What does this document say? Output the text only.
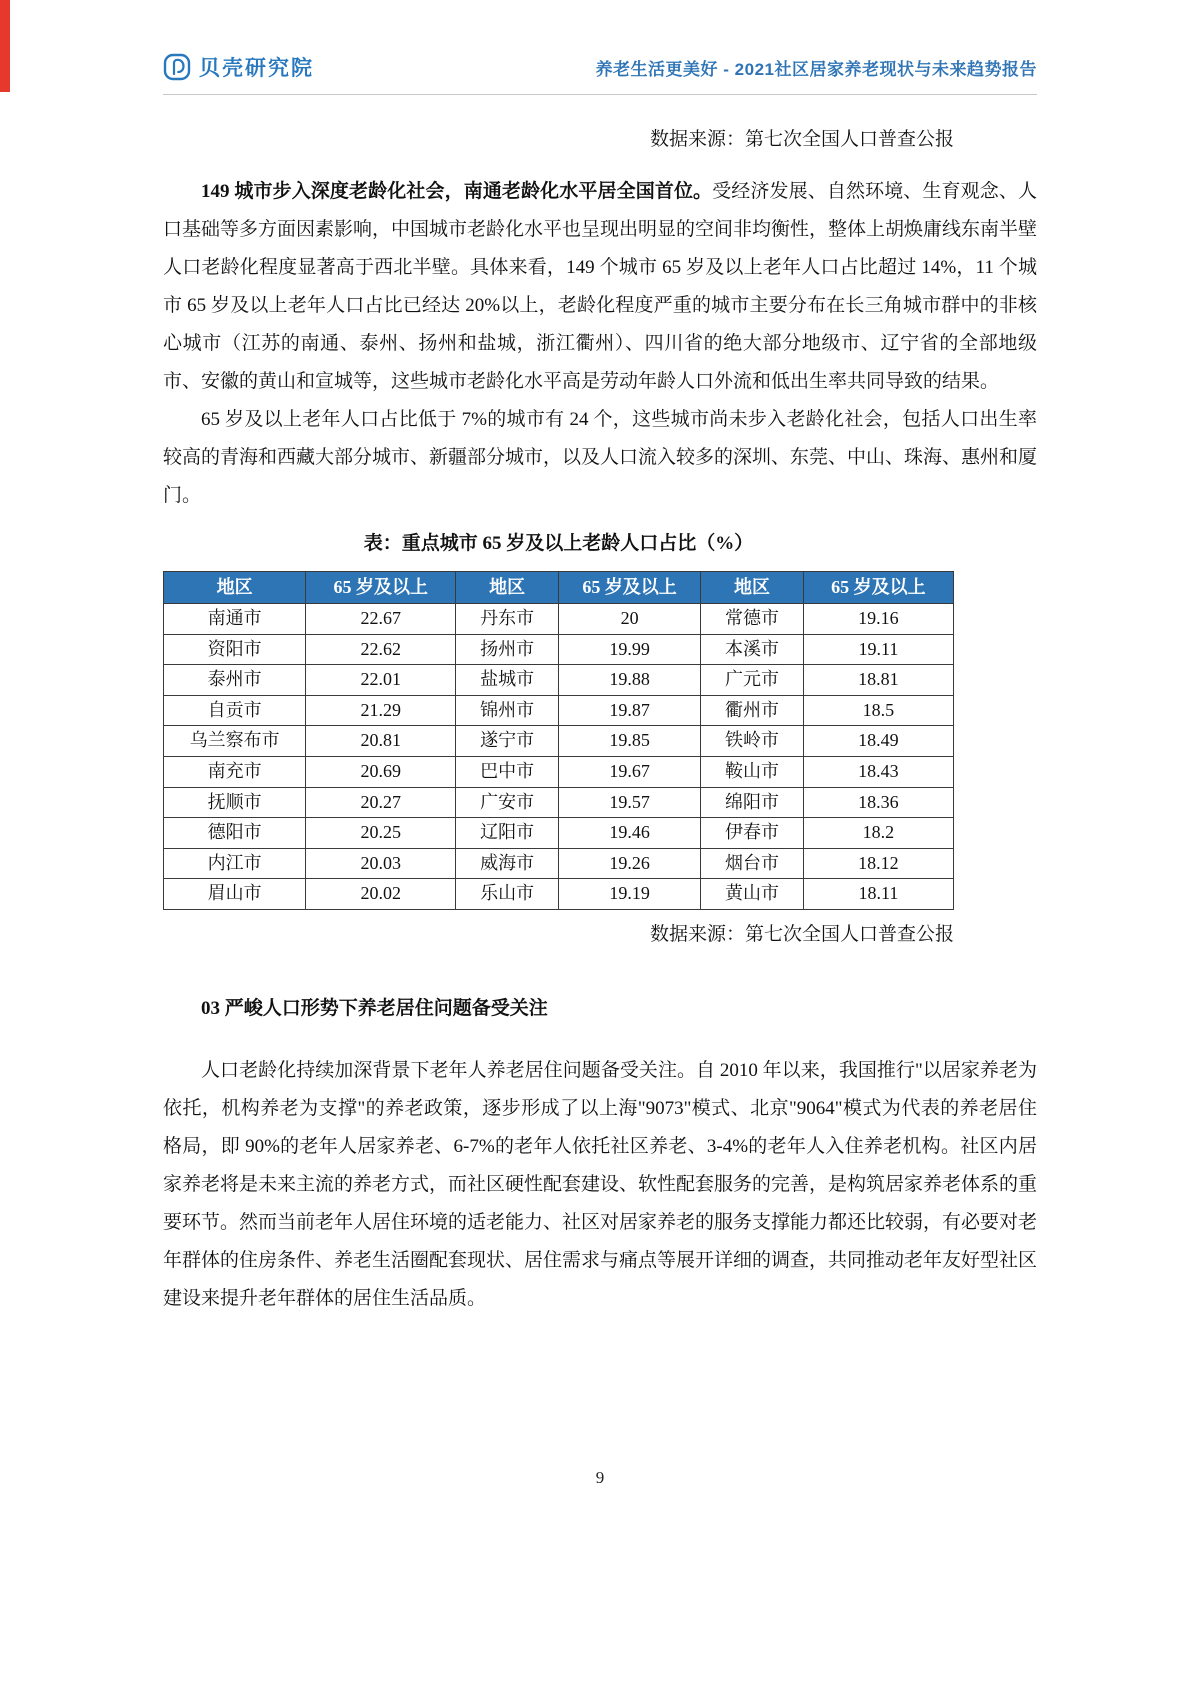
贝壳研究院	养老生活更美好 - 2021社区居家养老现状与未来趋势报告
数据来源：第七次全国人口普查公报

149 城市步入深度老龄化社会，南通老龄化水平居全国首位。受经济发展、自然环境、生育观念、人口基础等多方面因素影响，中国城市老龄化水平也呈现出明显的空间非均衡性，整体上胡焕庸线东南半壁人口老龄化程度显著高于西北半壁。具体来看，149 个城市 65 岁及以上老年人口占比超过 14%，11 个城市 65 岁及以上老年人口占比已经达 20%以上，老龄化程度严重的城市主要分布在长三角城市群中的非核心城市（江苏的南通、泰州、扬州和盐城，浙江衢州）、四川省的绝大部分地级市、辽宁省的全部地级市、安徽的黄山和宣城等，这些城市老龄化水平高是劳动年龄人口外流和低出生率共同导致的结果。

65 岁及以上老年人口占比低于 7%的城市有 24 个，这些城市尚未步入老龄化社会，包括人口出生率较高的青海和西藏大部分城市、新疆部分城市，以及人口流入较多的深圳、东莞、中山、珠海、惠州和厦门。

表：重点城市 65 岁及以上老龄人口占比（%）
地区	65 岁及以上	地区	65 岁及以上	地区	65 岁及以上
南通市	22.67	丹东市	20	常德市	19.16
资阳市	22.62	扬州市	19.99	本溪市	19.11
泰州市	22.01	盐城市	19.88	广元市	18.81
自贡市	21.29	锦州市	19.87	衢州市	18.5
乌兰察布市	20.81	遂宁市	19.85	铁岭市	18.49
南充市	20.69	巴中市	19.67	鞍山市	18.43
抚顺市	20.27	广安市	19.57	绵阳市	18.36
德阳市	20.25	辽阳市	19.46	伊春市	18.2
内江市	20.03	威海市	19.26	烟台市	18.12
眉山市	20.02	乐山市	19.19	黄山市	18.11
数据来源：第七次全国人口普查公报
03 严峻人口形势下养老居住问题备受关注

人口老龄化持续加深背景下老年人养老居住问题备受关注。自 2010 年以来，我国推行"以居家养老为依托，机构养老为支撑"的养老政策，逐步形成了以上海"9073"模式、北京"9064"模式为代表的养老居住格局，即 90%的老年人居家养老、6-7%的老年人依托社区养老、3-4%的老年人入住养老机构。社区内居家养老将是未来主流的养老方式，而社区硬性配套建设、软性配套服务的完善，是构筑居家养老体系的重要环节。然而当前老年人居住环境的适老能力、社区对居家养老的服务支撑能力都还比较弱，有必要对老年群体的住房条件、养老生活圈配套现状、居住需求与痛点等展开详细的调查，共同推动老年友好型社区建设来提升老年群体的居住生活品质。

9
